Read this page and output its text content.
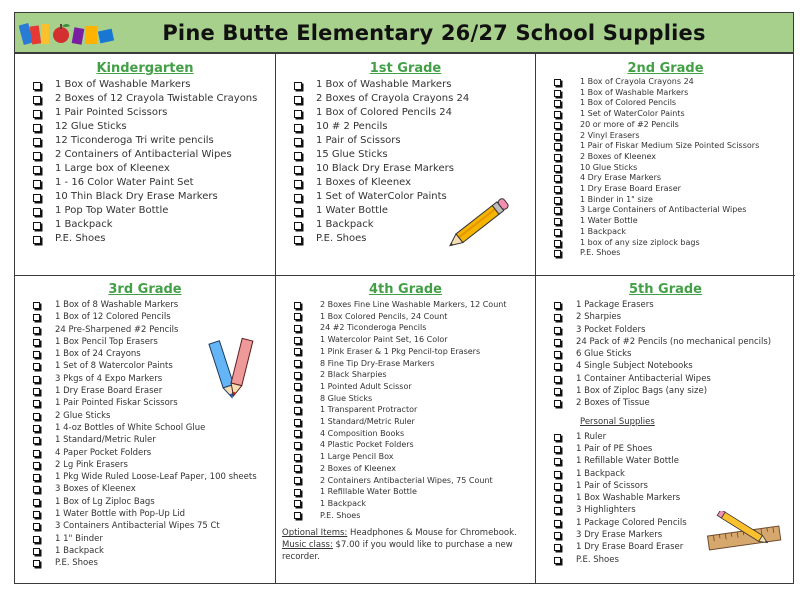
Pine Butte Elementary 26/27 School Supplies
Kindergarten
1 Box of Washable Markers
2 Boxes of 12 Crayola Twistable Crayons
1 Pair Pointed Scissors
12 Glue Sticks
12 Ticonderoga Tri write pencils
2 Containers of Antibacterial Wipes
1 Large box of Kleenex
1 - 16 Color Water Paint Set
10 Thin Black Dry Erase Markers
1 Pop Top Water Bottle
1 Backpack
P.E. Shoes
1st Grade
1 Box of Washable Markers
2 Boxes of Crayola Crayons 24
1 Box of Colored Pencils 24
10 # 2 Pencils
1 Pair of Scissors
15 Glue Sticks
10 Black Dry Erase Markers
1 Boxes of Kleenex
1 Set of WaterColor Paints
1 Water Bottle
1 Backpack
P.E. Shoes
2nd Grade
1 Box of Crayola Crayons 24
1 Box of Washable Markers
1 Box of Colored Pencils
1 Set of WaterColor Paints
20 or more of #2 Pencils
2 Vinyl Erasers
1 Pair of Fiskar Medium Size Pointed Scissors
2 Boxes of Kleenex
10 Glue Sticks
4 Dry Erase Markers
1 Dry Erase Board Eraser
1 Binder in 1" size
3 Large Containers of Antibacterial Wipes
1 Water Bottle
1 Backpack
1 box of any size ziplock bags
P.E. Shoes
3rd Grade
1 Box of 8 Washable Markers
1 Box of 12 Colored Pencils
24 Pre-Sharpened #2 Pencils
1 Box Pencil Top Erasers
1 Box of 24 Crayons
1 Set of 8 Watercolor Paints
3 Pkgs of 4 Expo Markers
1 Dry Erase Board Eraser
1 Pair Pointed Fiskar Scissors
2 Glue Sticks
1 4-oz Bottles of White School Glue
1 Standard/Metric Ruler
4 Paper Pocket Folders
2 Lg Pink Erasers
1 Pkg Wide Ruled Loose-Leaf Paper, 100 sheets
3 Boxes of Kleenex
1 Box of Lg Ziploc Bags
1 Water Bottle with Pop-Up Lid
3 Containers Antibacterial Wipes 75 Ct
1 1" Binder
1 Backpack
P.E. Shoes
4th Grade
2 Boxes Fine Line Washable Markers, 12 Count
1 Box Colored Pencils, 24 Count
24 #2 Ticonderoga Pencils
1 Watercolor Paint Set, 16 Color
1 Pink Eraser & 1 Pkg Pencil-top Erasers
8 Fine Tip Dry-Erase Markers
2 Black Sharpies
1 Pointed Adult Scissor
8 Glue Sticks
1 Transparent Protractor
1 Standard/Metric Ruler
4 Composition Books
4 Plastic Pocket Folders
1 Large Pencil Box
2 Boxes of Kleenex
2 Containers Antibacterial Wipes, 75 Count
1 Refillable Water Bottle
1 Backpack
P.E. Shoes
Optional Items: Headphones & Mouse for Chromebook.
Music class: $7.00 if you would like to purchase a new recorder.
5th Grade
1 Package Erasers
2 Sharpies
3 Pocket Folders
24 Pack of #2 Pencils (no mechanical pencils)
6 Glue Sticks
4 Single Subject Notebooks
1 Container Antibacterial Wipes
1 Box of Ziploc Bags (any size)
2 Boxes of Tissue
Personal Supplies
1 Ruler
1 Pair of PE Shoes
1 Refillable Water Bottle
1 Backpack
1 Pair of Scissors
1 Box Washable Markers
3 Highlighters
1 Package Colored Pencils
3 Dry Erase Markers
1 Dry Erase Board Eraser
P.E. Shoes
